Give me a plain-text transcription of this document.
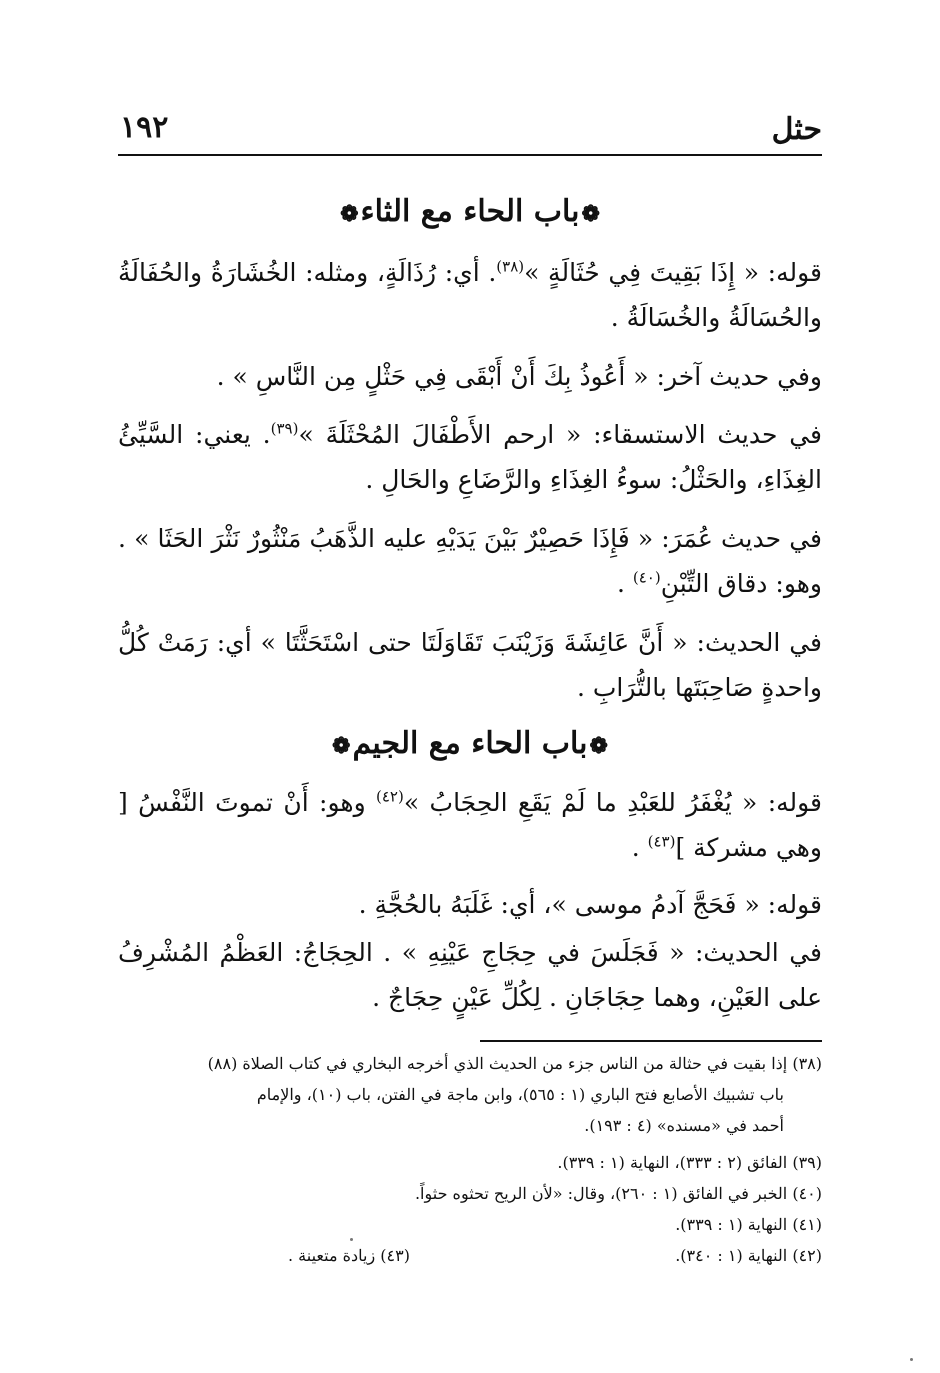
حثل
١٩٢

❁باب الحاء مع الثاء❁

قوله: « إِذَا بَقِيتَ فِي حُثَالَةٍ »$^{(٣٨)}$. أي: رُذَالَةٍ، ومثله: الخُشَارَةُ والحُفَالَةُ والحُسَالَةُ والخُسَالَةُ .

وفي حديث آخر: « أَعُوذُ بِكَ أَنْ أَبْقَى فِي حَثْلٍ مِن النَّاسِ » .

في حديث الاستسقاء: « ارحم الأَطْفَالَ المُحْثَلَةَ »$^{(٣٩)}$. يعني: السَّيِّئُ الغِذَاءِ، والحَثْلُ: سوءُ الغِذَاءِ والرَّضَاعِ والحَالِ .

في حديث عُمَرَ: « فَإِذَا حَصِيْرٌ بَيْنَ يَدَيْهِ عليه الذَّهَبُ مَنْثُورٌ نَثْرَ الحَثَا » . وهو: دقاق التِّبْنِ$^{(٤٠)}$ .

في الحديث: « أَنَّ عَائِشَةَ وَزَيْنَبَ تَقَاوَلَتَا حتى اسْتَحَثَّتَا » أي: رَمَتْ كُلُّ واحدةٍ صَاحِبَتَها بالتُّرَابِ .

❁باب الحاء مع الجيم❁

قوله: « يُغْفَرُ للعَبْدِ ما لَمْ يَقَعِ الحِجَابُ »$^{(٤٢)}$ وهو: أَنْ تموتَ النَّفْسُ [ وهي مشركة ]$^{(٤٣)}$ .

قوله: « فَحَجَّ آدمُ موسى »، أي: غَلَبَهُ بالحُجَّةِ .

في الحديث: « فَجَلَسَ في حِجَاجِ عَيْنِهِ » . الحِجَاجُ: العَظْمُ المُشْرِفُ على العَيْنِ، وهما حِجَاجَانِ . لِكُلِّ عَيْنٍ حِجَاجٌ .

(٣٨) إذا بقيت في حثالة من الناس جزء من الحديث الذي أخرجه البخاري في كتاب الصلاة (٨٨)

باب تشبيك الأصابع فتح الباري (١ : ٥٦٥)، وابن ماجة في الفتن، باب (١٠)، والإمام

أحمد في «مسنده» (٤ : ١٩٣).

(٣٩) الفائق (٢ : ٣٣٣)، النهاية (١ : ٣٣٩).

(٤٠) الخبر في الفائق (١ : ٢٦٠)، وقال: «لأن الريح تحثوه حثواً.

(٤١) النهاية (١ : ٣٣٩).

(٤٢) النهاية (١ : ٣٤٠).

(٤٣) زيادة متعينة .
